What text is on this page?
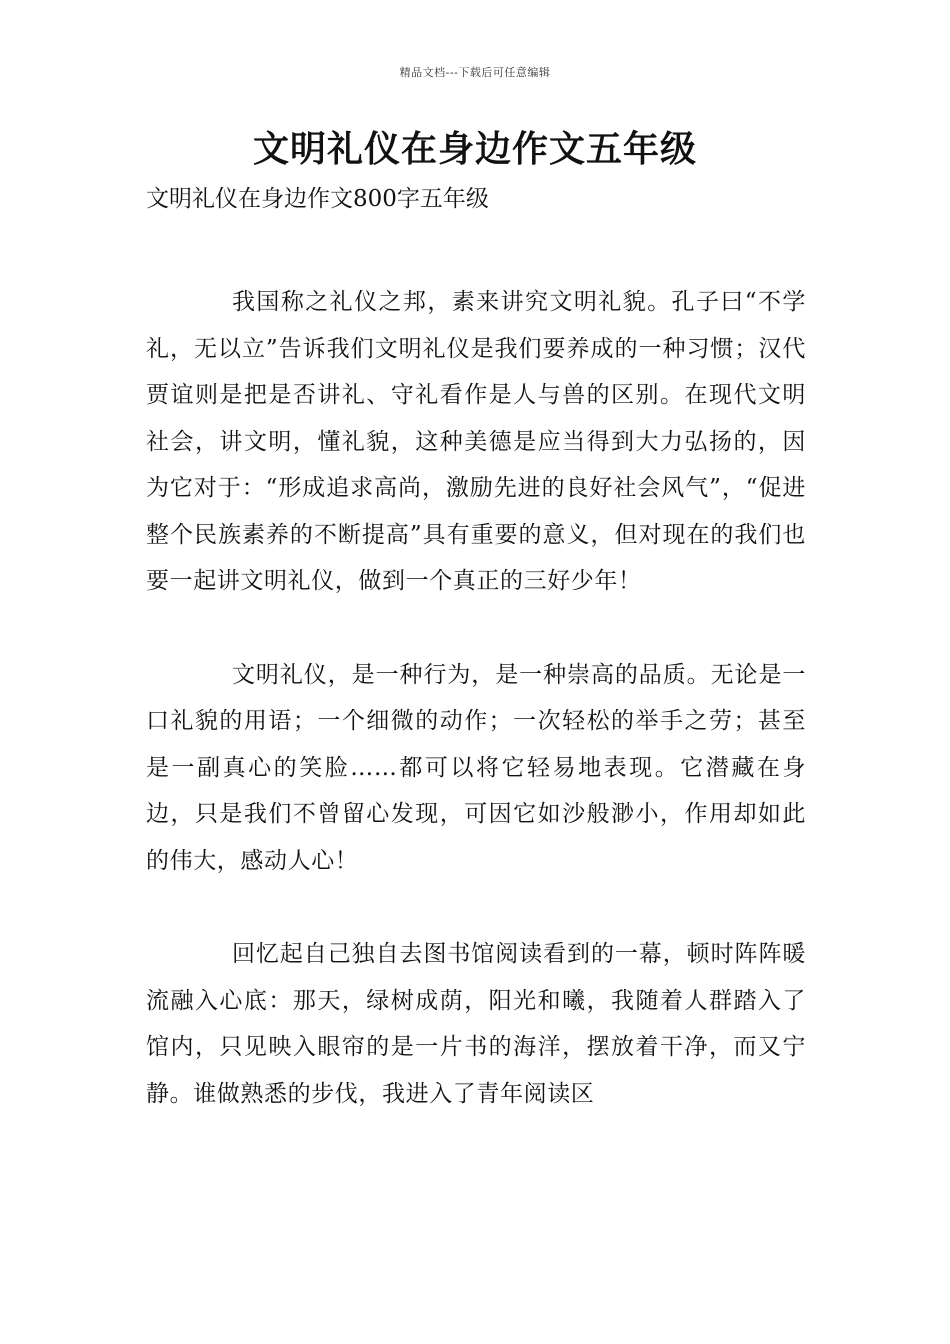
精品文档---下载后可任意编辑
文明礼仪在身边作文五年级
文明礼仪在身边作文800字五年级

我国称之礼仪之邦，素来讲究文明礼貌。孔子曰“不学礼，无以立”告诉我们文明礼仪是我们要养成的一种习惯；汉代贾谊则是把是否讲礼、守礼看作是人与兽的区别。在现代文明社会，讲文明，懂礼貌，这种美德是应当得到大力弘扬的，因为它对于：“形成追求高尚，激励先进的良好社会风气”，“促进整个民族素养的不断提高”具有重要的意义，但对现在的我们也要一起讲文明礼仪，做到一个真正的三好少年！

文明礼仪，是一种行为，是一种崇高的品质。无论是一口礼貌的用语；一个细微的动作；一次轻松的举手之劳；甚至是一副真心的笑脸……都可以将它轻易地表现。它潜藏在身边，只是我们不曾留心发现，可因它如沙般渺小，作用却如此的伟大，感动人心！

回忆起自己独自去图书馆阅读看到的一幕，顿时阵阵暖流融入心底：那天，绿树成荫，阳光和曦，我随着人群踏入了馆内，只见映入眼帘的是一片书的海洋，摆放着干净，而又宁静。谁做熟悉的步伐，我进入了青年阅读区
